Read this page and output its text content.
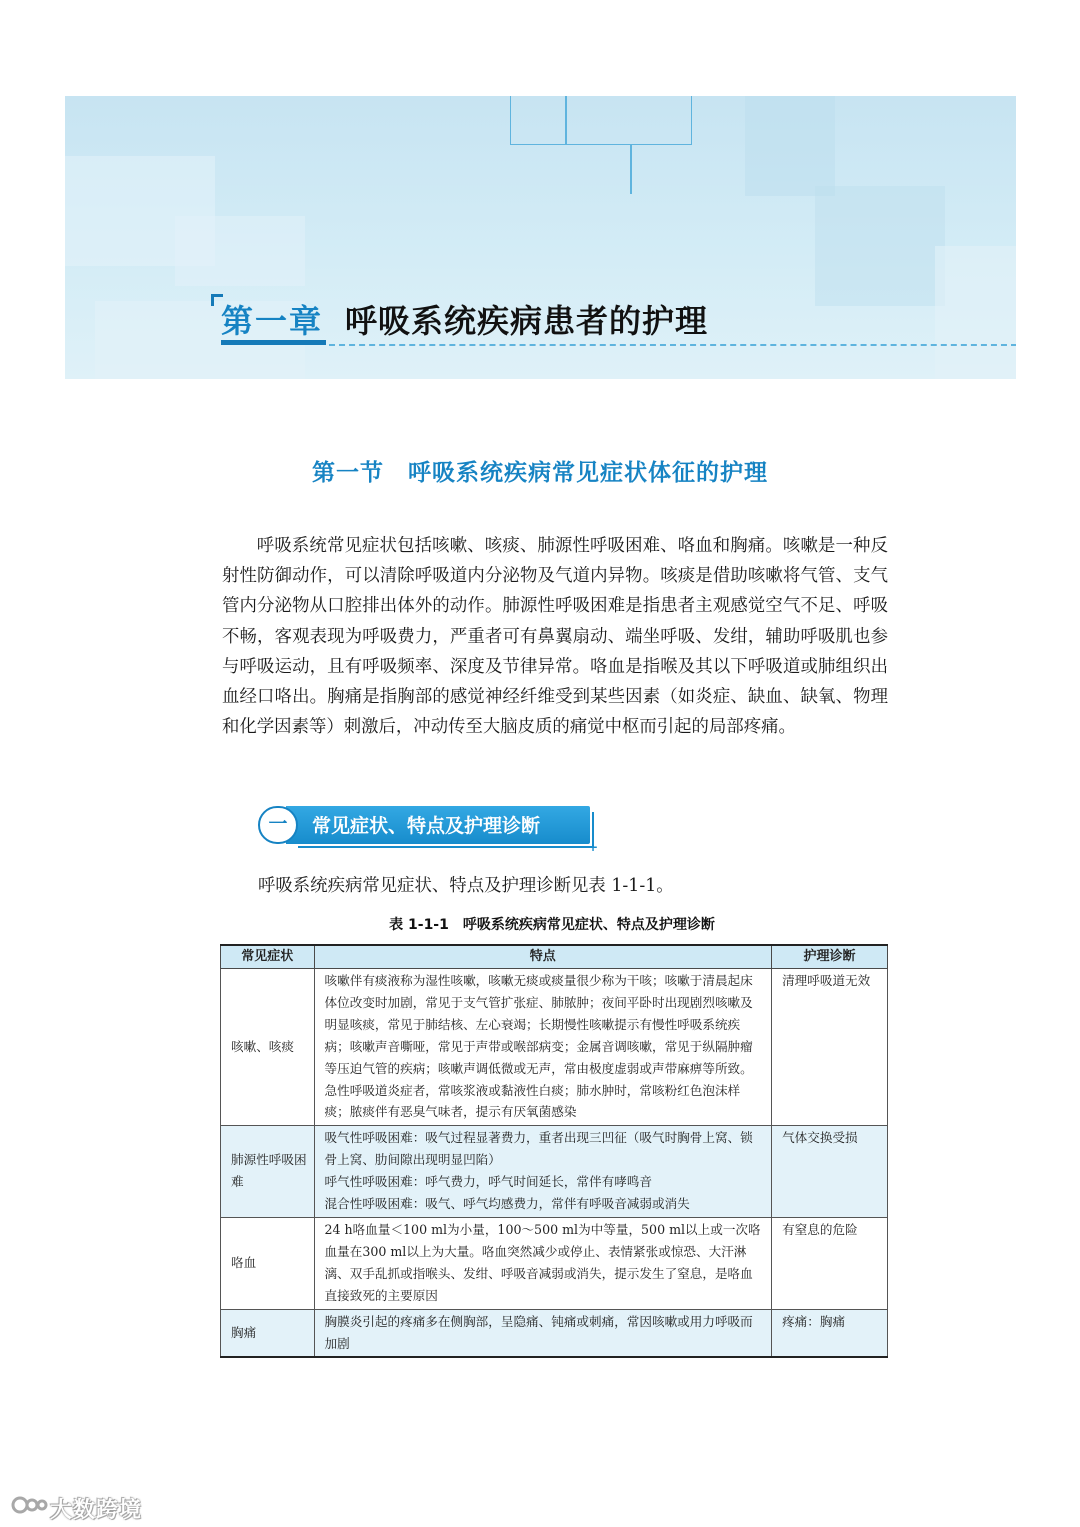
第一章 呼吸系统疾病患者的护理
第一节　呼吸系统疾病常见症状体征的护理
呼吸系统常见症状包括咳嗽、咳痰、肺源性呼吸困难、咯血和胸痛。咳嗽是一种反射性防御动作，可以清除呼吸道内分泌物及气道内异物。咳痰是借助咳嗽将气管、支气管内分泌物从口腔排出体外的动作。肺源性呼吸困难是指患者主观感觉空气不足、呼吸不畅，客观表现为呼吸费力，严重者可有鼻翼扇动、端坐呼吸、发绀，辅助呼吸肌也参与呼吸运动，且有呼吸频率、深度及节律异常。咯血是指喉及其以下呼吸道或肺组织出血经口咯出。胸痛是指胸部的感觉神经纤维受到某些因素（如炎症、缺血、缺氧、物理和化学因素等）刺激后，冲动传至大脑皮质的痛觉中枢而引起的局部疼痛。
一	常见症状、特点及护理诊断
+
呼吸系统疾病常见症状、特点及护理诊断见表 1-1-1。
表 1-1-1　呼吸系统疾病常见症状、特点及护理诊断
常见症状	特点	护理诊断
咳嗽、咳痰	咳嗽伴有痰液称为湿性咳嗽，咳嗽无痰或痰量很少称为干咳；咳嗽于清晨起床体位改变时加剧，常见于支气管扩张症、肺脓肿；夜间平卧时出现剧烈咳嗽及明显咳痰，常见于肺结核、左心衰竭；长期慢性咳嗽提示有慢性呼吸系统疾病；咳嗽声音嘶哑，常见于声带或喉部病变；金属音调咳嗽，常见于纵隔肿瘤等压迫气管的疾病；咳嗽声调低微或无声，常由极度虚弱或声带麻痹等所致。急性呼吸道炎症者，常咳浆液或黏液性白痰；肺水肿时，常咳粉红色泡沫样痰；脓痰伴有恶臭气味者，提示有厌氧菌感染	清理呼吸道无效
肺源性呼吸困难	吸气性呼吸困难：吸气过程显著费力，重者出现三凹征（吸气时胸骨上窝、锁骨上窝、肋间隙出现明显凹陷）
呼气性呼吸困难：呼气费力，呼气时间延长，常伴有哮鸣音
混合性呼吸困难：吸气、呼气均感费力，常伴有呼吸音减弱或消失	气体交换受损
咯血	24 h咯血量＜100 ml为小量，100～500 ml为中等量，500 ml以上或一次咯血量在300 ml以上为大量。咯血突然减少或停止、表情紧张或惊恐、大汗淋漓、双手乱抓或指喉头、发绀、呼吸音减弱或消失，提示发生了窒息，是咯血直接致死的主要原因	有窒息的危险
胸痛	胸膜炎引起的疼痛多在侧胸部，呈隐痛、钝痛或刺痛，常因咳嗽或用力呼吸而加剧	疼痛：胸痛
大数跨境
